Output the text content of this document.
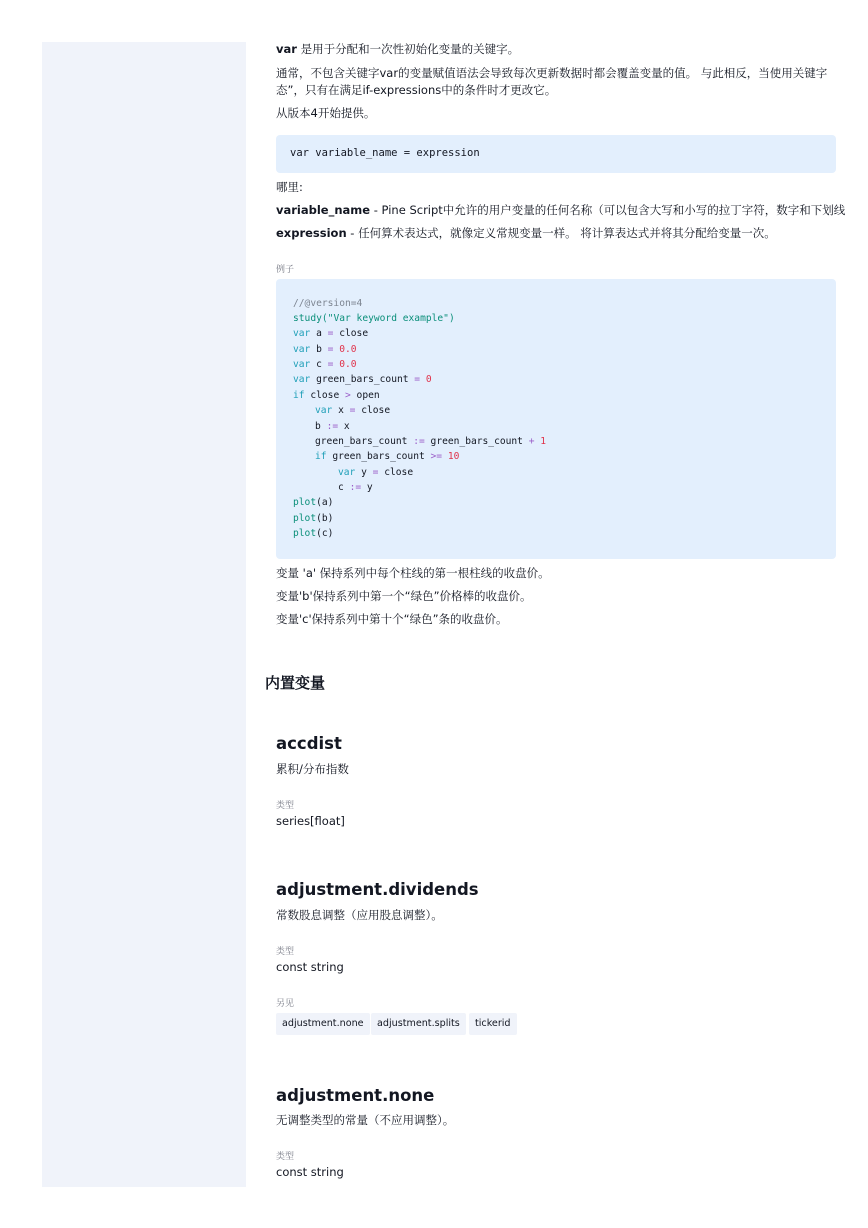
var 是用于分配和一次性初始化变量的关键字。
通常，不包含关键字var的变量赋值语法会导致每次更新数据时都会覆盖变量的值。 与此相反，当使用关键字
态”，只有在满足if-expressions中的条件时才更改它。
从版本4开始提供。
var variable_name = expression
哪里:
variable_name - Pine Script中允许的用户变量的任何名称（可以包含大写和小写的拉丁字符，数字和下划线
expression - 任何算术表达式，就像定义常规变量一样。 将计算表达式并将其分配给变量一次。
例子
//@version=4
study("Var keyword example")
var a = close
var b = 0.0
var c = 0.0
var green_bars_count = 0
if close > open
var x = close
b := x
green_bars_count := green_bars_count + 1
if green_bars_count >= 10
var y = close
c := y
plot(a)
plot(b)
plot(c)
变量 'a' 保持系列中每个柱线的第一根柱线的收盘价。
变量'b'保持系列中第一个“绿色”价格棒的收盘价。
变量'c'保持系列中第十个“绿色”条的收盘价。
内置变量
accdist
累积/分布指数
类型
series[float]
adjustment.dividends
常数股息调整（应用股息调整）。
类型
const string
另见
adjustment.none	adjustment.splits	tickerid
adjustment.none
无调整类型的常量（不应用调整）。
类型
const string
